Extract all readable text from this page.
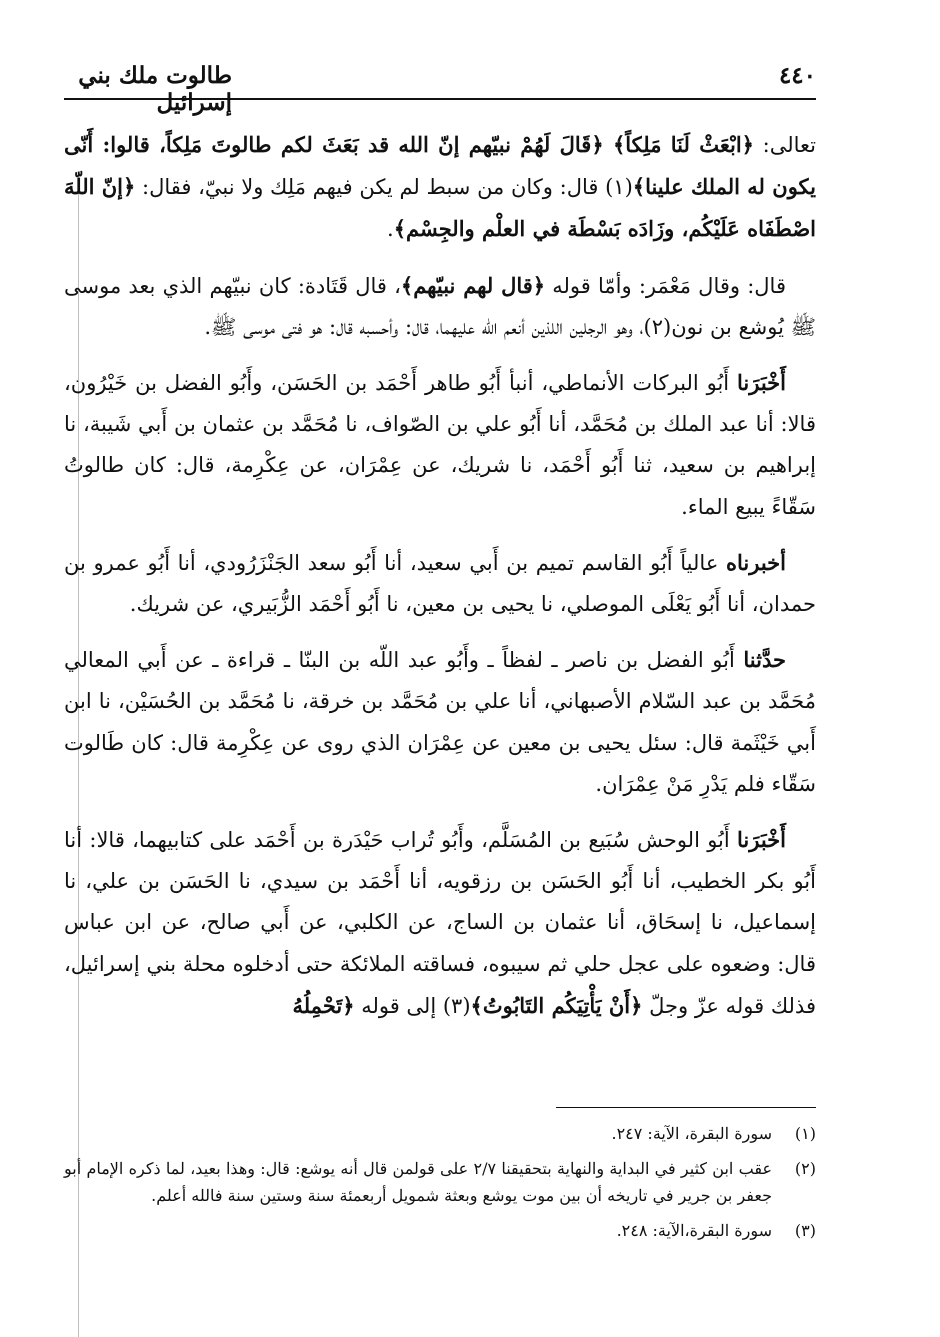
٤٤٠
طالوت ملك بني إسرائيل

تعالى: ﴿ابْعَثْ لَنَا مَلِكاً﴾ ﴿قَالَ لَهُمْ نبيّهم إنّ الله قد بَعَثَ لكم طالوتَ مَلِكاً، قالوا: أَنّى يكون له الملك علينا﴾(١) قال: وكان من سبط لم يكن فيهم مَلِك ولا نبيّ، فقال: ﴿إنّ اللّهَ اصْطَفَاه عَلَيْكُم، وزَادَه بَسْطَة في العلْم والجِسْم﴾.

قال: وقال مَعْمَر: وأمّا قوله ﴿قال لهم نبيّهم﴾، قال قَتَادة: كان نبيّهم الذي بعد موسى ﷺ يُوشع بن نون(٢)، وهو الرجلين اللذين أنعم الله عليهما، قال: وأحسبه قال: هو فتى موسى ﷺ.

أَخْبَرَنا أَبُو البركات الأنماطي، أنبأ أَبُو طاهر أَحْمَد بن الحَسَن، وأَبُو الفضل بن خَيْرُون، قالا: أنا عبد الملك بن مُحَمَّد، أنا أَبُو علي بن الصّواف، نا مُحَمَّد بن عثمان بن أَبي شَيبة، نا إبراهيم بن سعيد، ثنا أَبُو أَحْمَد، نا شريك، عن عِمْرَان، عن عِكْرِمة، قال: كان طالوتُ سَقّاءً يبيع الماء.

أخبرناه عالياً أَبُو القاسم تميم بن أَبي سعيد، أنا أَبُو سعد الجَنْزَرُودي، أنا أَبُو عمرو بن حمدان، أنا أَبُو يَعْلَى الموصلي، نا يحيى بن معين، نا أَبُو أَحْمَد الزُّبَيري، عن شريك.

حدَّثنا أَبُو الفضل بن ناصر ـ لفظاً ـ وأَبُو عبد اللّه بن البنّا ـ قراءة ـ عن أَبي المعالي مُحَمَّد بن عبد السّلام الأصبهاني، أنا علي بن مُحَمَّد بن خرقة، نا مُحَمَّد بن الحُسَيْن، نا ابن أَبي خَيْثَمة قال: سئل يحيى بن معين عن عِمْرَان الذي روى عن عِكْرِمة قال: كان طَالوت سَقّاء فلم يَدْرِ مَنْ عِمْرَان.

أَخْبَرَنا أَبُو الوحش سُبَيع بن المُسَلَّم، وأَبُو تُراب حَيْدَرة بن أَحْمَد على كتابيهما، قالا: أنا أَبُو بكر الخطيب، أنا أَبُو الحَسَن بن رزقويه، أنا أَحْمَد بن سيدي، نا الحَسَن بن علي، نا إسماعيل، نا إسحَاق، أنا عثمان بن الساج، عن الكلبي، عن أَبي صالح، عن ابن عباس قال: وضعوه على عجل حلي ثم سيبوه، فساقته الملائكة حتى أدخلوه محلة بني إسرائيل، فذلك قوله عزّ وجلّ ﴿أَنْ يَأْتِيَكُم التَابُوتُ﴾(٣) إلى قوله ﴿تَحْمِلُهُ

(١)
سورة البقرة، الآية: ٢٤٧.
(٢)
عقب ابن كثير في البداية والنهاية بتحقيقنا ٢/٧ على قولمن قال أنه يوشع: قال: وهذا بعيد، لما ذكره الإمام أبو جعفر بن جرير في تاريخه أن بين موت يوشع وبعثة شمويل أربعمئة سنة وستين سنة فالله أعلم.
(٣)
سورة البقرة،الآية: ٢٤٨.
